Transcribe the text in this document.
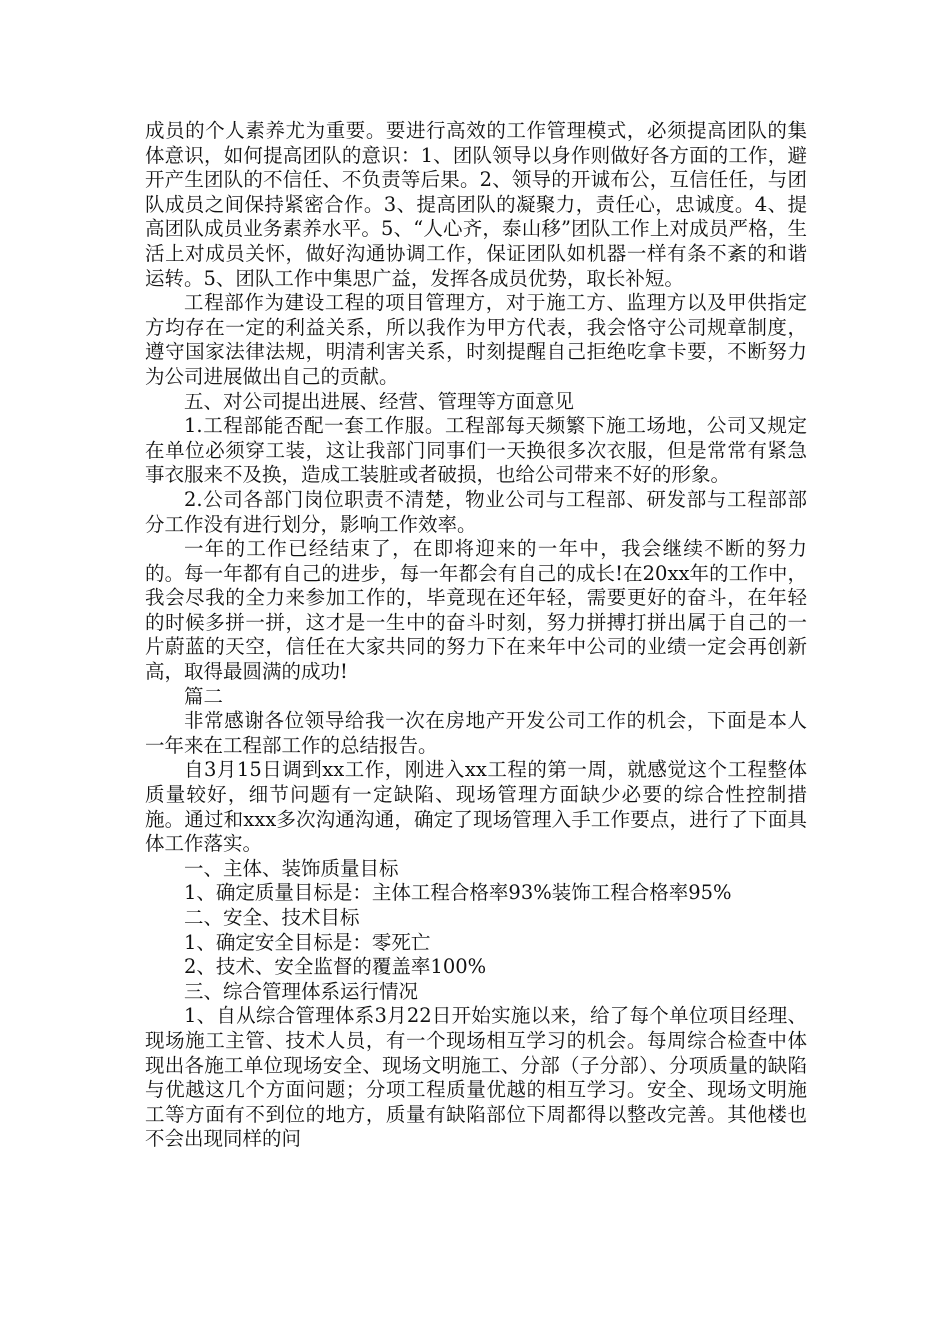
成员的个人素养尤为重要。要进行高效的工作管理模式，必须提高团队的集体意识，如何提高团队的意识：1、团队领导以身作则做好各方面的工作，避开产生团队的不信任、不负责等后果。2、领导的开诚布公，互信任任，与团队成员之间保持紧密合作。3、提高团队的凝聚力，责任心，忠诚度。4、提高团队成员业务素养水平。5、“人心齐，泰山移”团队工作上对成员严格，生活上对成员关怀，做好沟通协调工作，保证团队如机器一样有条不紊的和谐运转。5、团队工作中集思广益，发挥各成员优势，取长补短。

工程部作为建设工程的项目管理方，对于施工方、监理方以及甲供指定方均存在一定的利益关系，所以我作为甲方代表，我会恪守公司规章制度，遵守国家法律法规，明清利害关系，时刻提醒自己拒绝吃拿卡要，不断努力为公司进展做出自己的贡献。

五、对公司提出进展、经营、管理等方面意见

1.工程部能否配一套工作服。工程部每天频繁下施工场地，公司又规定在单位必须穿工装，这让我部门同事们一天换很多次衣服，但是常常有紧急事衣服来不及换，造成工装脏或者破损，也给公司带来不好的形象。

2.公司各部门岗位职责不清楚，物业公司与工程部、研发部与工程部部分工作没有进行划分，影响工作效率。

一年的工作已经结束了，在即将迎来的一年中，我会继续不断的努力的。每一年都有自己的进步，每一年都会有自己的成长!在20xx年的工作中，我会尽我的全力来参加工作的，毕竟现在还年轻，需要更好的奋斗，在年轻的时候多拼一拼，这才是一生中的奋斗时刻，努力拼搏打拼出属于自己的一片蔚蓝的天空，信任在大家共同的努力下在来年中公司的业绩一定会再创新高，取得最圆满的成功!

篇二

非常感谢各位领导给我一次在房地产开发公司工作的机会，下面是本人一年来在工程部工作的总结报告。

自3月15日调到xx工作，刚进入xx工程的第一周，就感觉这个工程整体质量较好，细节问题有一定缺陷、现场管理方面缺少必要的综合性控制措施。通过和xxx多次沟通沟通，确定了现场管理入手工作要点，进行了下面具体工作落实。

一、主体、装饰质量目标

1、确定质量目标是：主体工程合格率93%装饰工程合格率95%

二、安全、技术目标

1、确定安全目标是：零死亡

2、技术、安全监督的覆盖率100%

三、综合管理体系运行情况

1、自从综合管理体系3月22日开始实施以来，给了每个单位项目经理、现场施工主管、技术人员，有一个现场相互学习的机会。每周综合检查中体现出各施工单位现场安全、现场文明施工、分部（子分部）、分项质量的缺陷与优越这几个方面问题；分项工程质量优越的相互学习。安全、现场文明施工等方面有不到位的地方，质量有缺陷部位下周都得以整改完善。其他楼也不会出现同样的问
